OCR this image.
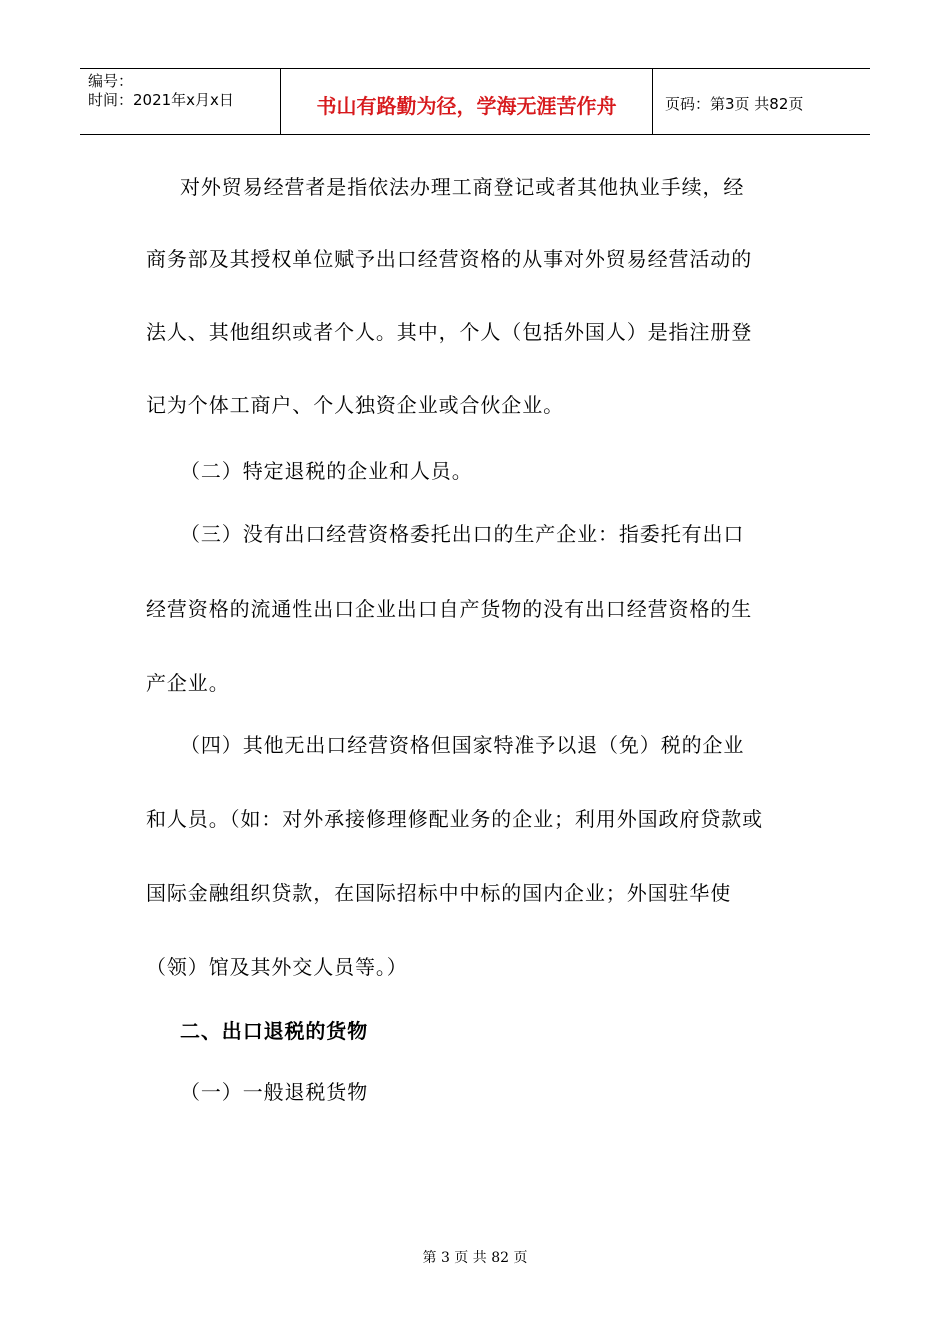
编号：
时间：2021年x月x日	书山有路勤为径，学海无涯苦作舟	页码：第3页 共82页
对外贸易经营者是指依法办理工商登记或者其他执业手续，经
商务部及其授权单位赋予出口经营资格的从事对外贸易经营活动的
法人、其他组织或者个人。其中，个人（包括外国人）是指注册登
记为个体工商户、个人独资企业或合伙企业。
（二）特定退税的企业和人员。
（三）没有出口经营资格委托出口的生产企业：指委托有出口
经营资格的流通性出口企业出口自产货物的没有出口经营资格的生
产企业。
（四）其他无出口经营资格但国家特准予以退（免）税的企业
和人员。（如：对外承接修理修配业务的企业；利用外国政府贷款或
国际金融组织贷款，在国际招标中中标的国内企业；外国驻华使
（领）馆及其外交人员等。）
二、出口退税的货物
（一）一般退税货物
第 3 页 共 82 页
